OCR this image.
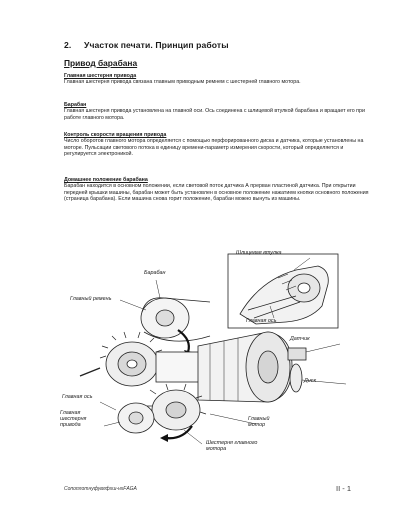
2. Участок печати. Принцип работы
Привод барабана
Главная шестерня привода
Главная шестерня привода связана главным приводным ремнем с шестерней главного мотора.
Барабан
Главная шестерня привода установлена на главной оси. Ось соединена с шлицевой втулкой барабана и вращает его при работе главного мотора.
Контроль скорости вращения привода
Число оборотов главного мотора определяется с помощью перфорированного диска и датчика, которые установлены на моторе. Пульсации светового потока в единицу времени-параметр измерения скорости, который определяется и регулируется электроникой.
Домашнее положение барабана
Барабан находится в основном положении, если световой поток датчика А прерван пластиной датчика. При открытии передней крышки машины, барабан может быть установлен в основное положение нажатием кнопки основного положения (страница барабана). Если машина снова горит положение, барабан можно вынуть из машины.
Шлицевая втулка
Барабан
Главный ремень
Главная ось
Датчик
Диск
Главная ось
Главная шестерня привода
Главный мотор
Шестерня главного мотора
Cопоплотнуфувлфхш-нхFАGА	II - 1
